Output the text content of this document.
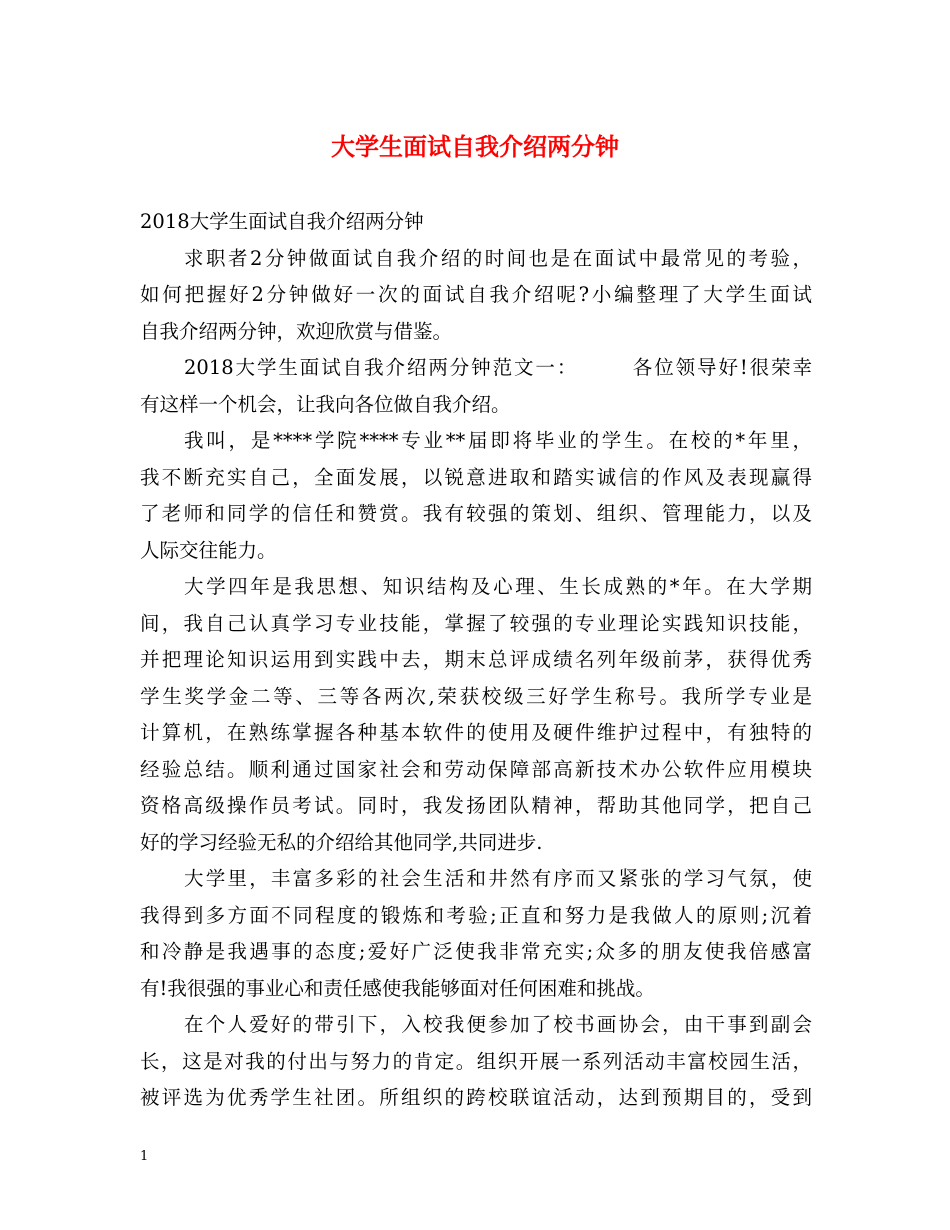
大学生面试自我介绍两分钟
2018大学生面试自我介绍两分钟
求职者2分钟做面试自我介绍的时间也是在面试中最常见的考验，
如何把握好2分钟做好一次的面试自我介绍呢?小编整理了大学生面试
自我介绍两分钟，欢迎欣赏与借鉴。
2018大学生面试自我介绍两分钟范文一：　　　各位领导好!很荣幸
有这样一个机会，让我向各位做自我介绍。
我叫，是****学院****专业**届即将毕业的学生。在校的*年里，
我不断充实自己，全面发展，以锐意进取和踏实诚信的作风及表现赢得
了老师和同学的信任和赞赏。我有较强的策划、组织、管理能力，以及
人际交往能力。
大学四年是我思想、知识结构及心理、生长成熟的*年。在大学期
间，我自己认真学习专业技能，掌握了较强的专业理论实践知识技能，
并把理论知识运用到实践中去，期末总评成绩名列年级前茅，获得优秀
学生奖学金二等、三等各两次,荣获校级三好学生称号。我所学专业是
计算机，在熟练掌握各种基本软件的使用及硬件维护过程中，有独特的
经验总结。顺利通过国家社会和劳动保障部高新技术办公软件应用模块
资格高级操作员考试。同时，我发扬团队精神，帮助其他同学，把自己
好的学习经验无私的介绍给其他同学,共同进步.
大学里，丰富多彩的社会生活和井然有序而又紧张的学习气氛，使
我得到多方面不同程度的锻炼和考验;正直和努力是我做人的原则;沉着
和冷静是我遇事的态度;爱好广泛使我非常充实;众多的朋友使我倍感富
有!我很强的事业心和责任感使我能够面对任何困难和挑战。
在个人爱好的带引下，入校我便参加了校书画协会，由干事到副会
长，这是对我的付出与努力的肯定。组织开展一系列活动丰富校园生活，
被评选为优秀学生社团。所组织的跨校联谊活动，达到预期目的，受到
1
